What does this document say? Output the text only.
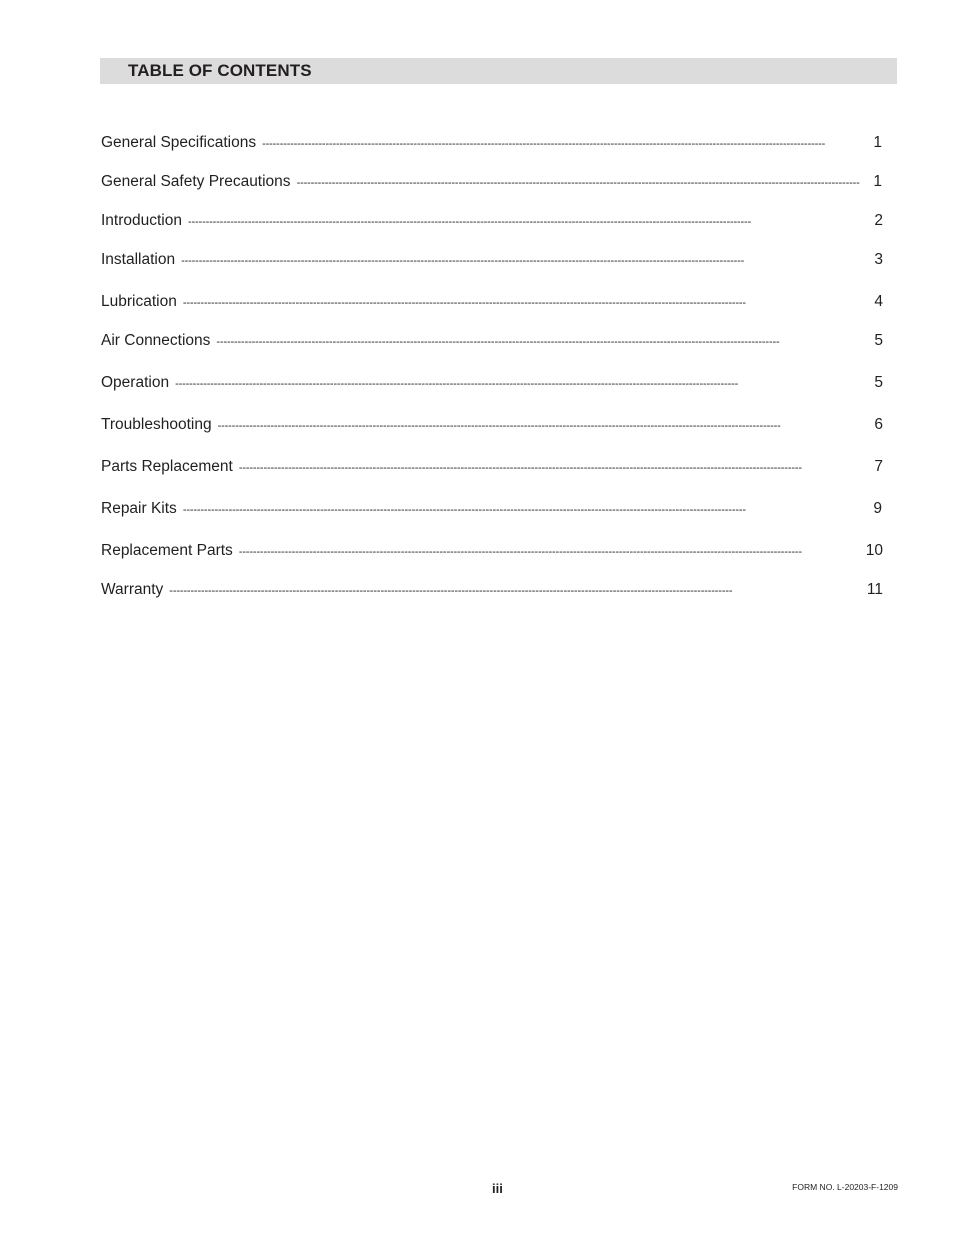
TABLE OF CONTENTS
General Specifications - - -	1
General Safety Precautions - - -	1
Introduction - - -	2
Installation - - -	3
Lubrication - - -	4
Air Connections - - -	5
Operation - - -	5
Troubleshooting - - -	6
Parts Replacement - - -	7
Repair Kits - - -	9
Replacement Parts - - -	10
Warranty - - -	11
iii	FORM NO. L-20203-F-1209
